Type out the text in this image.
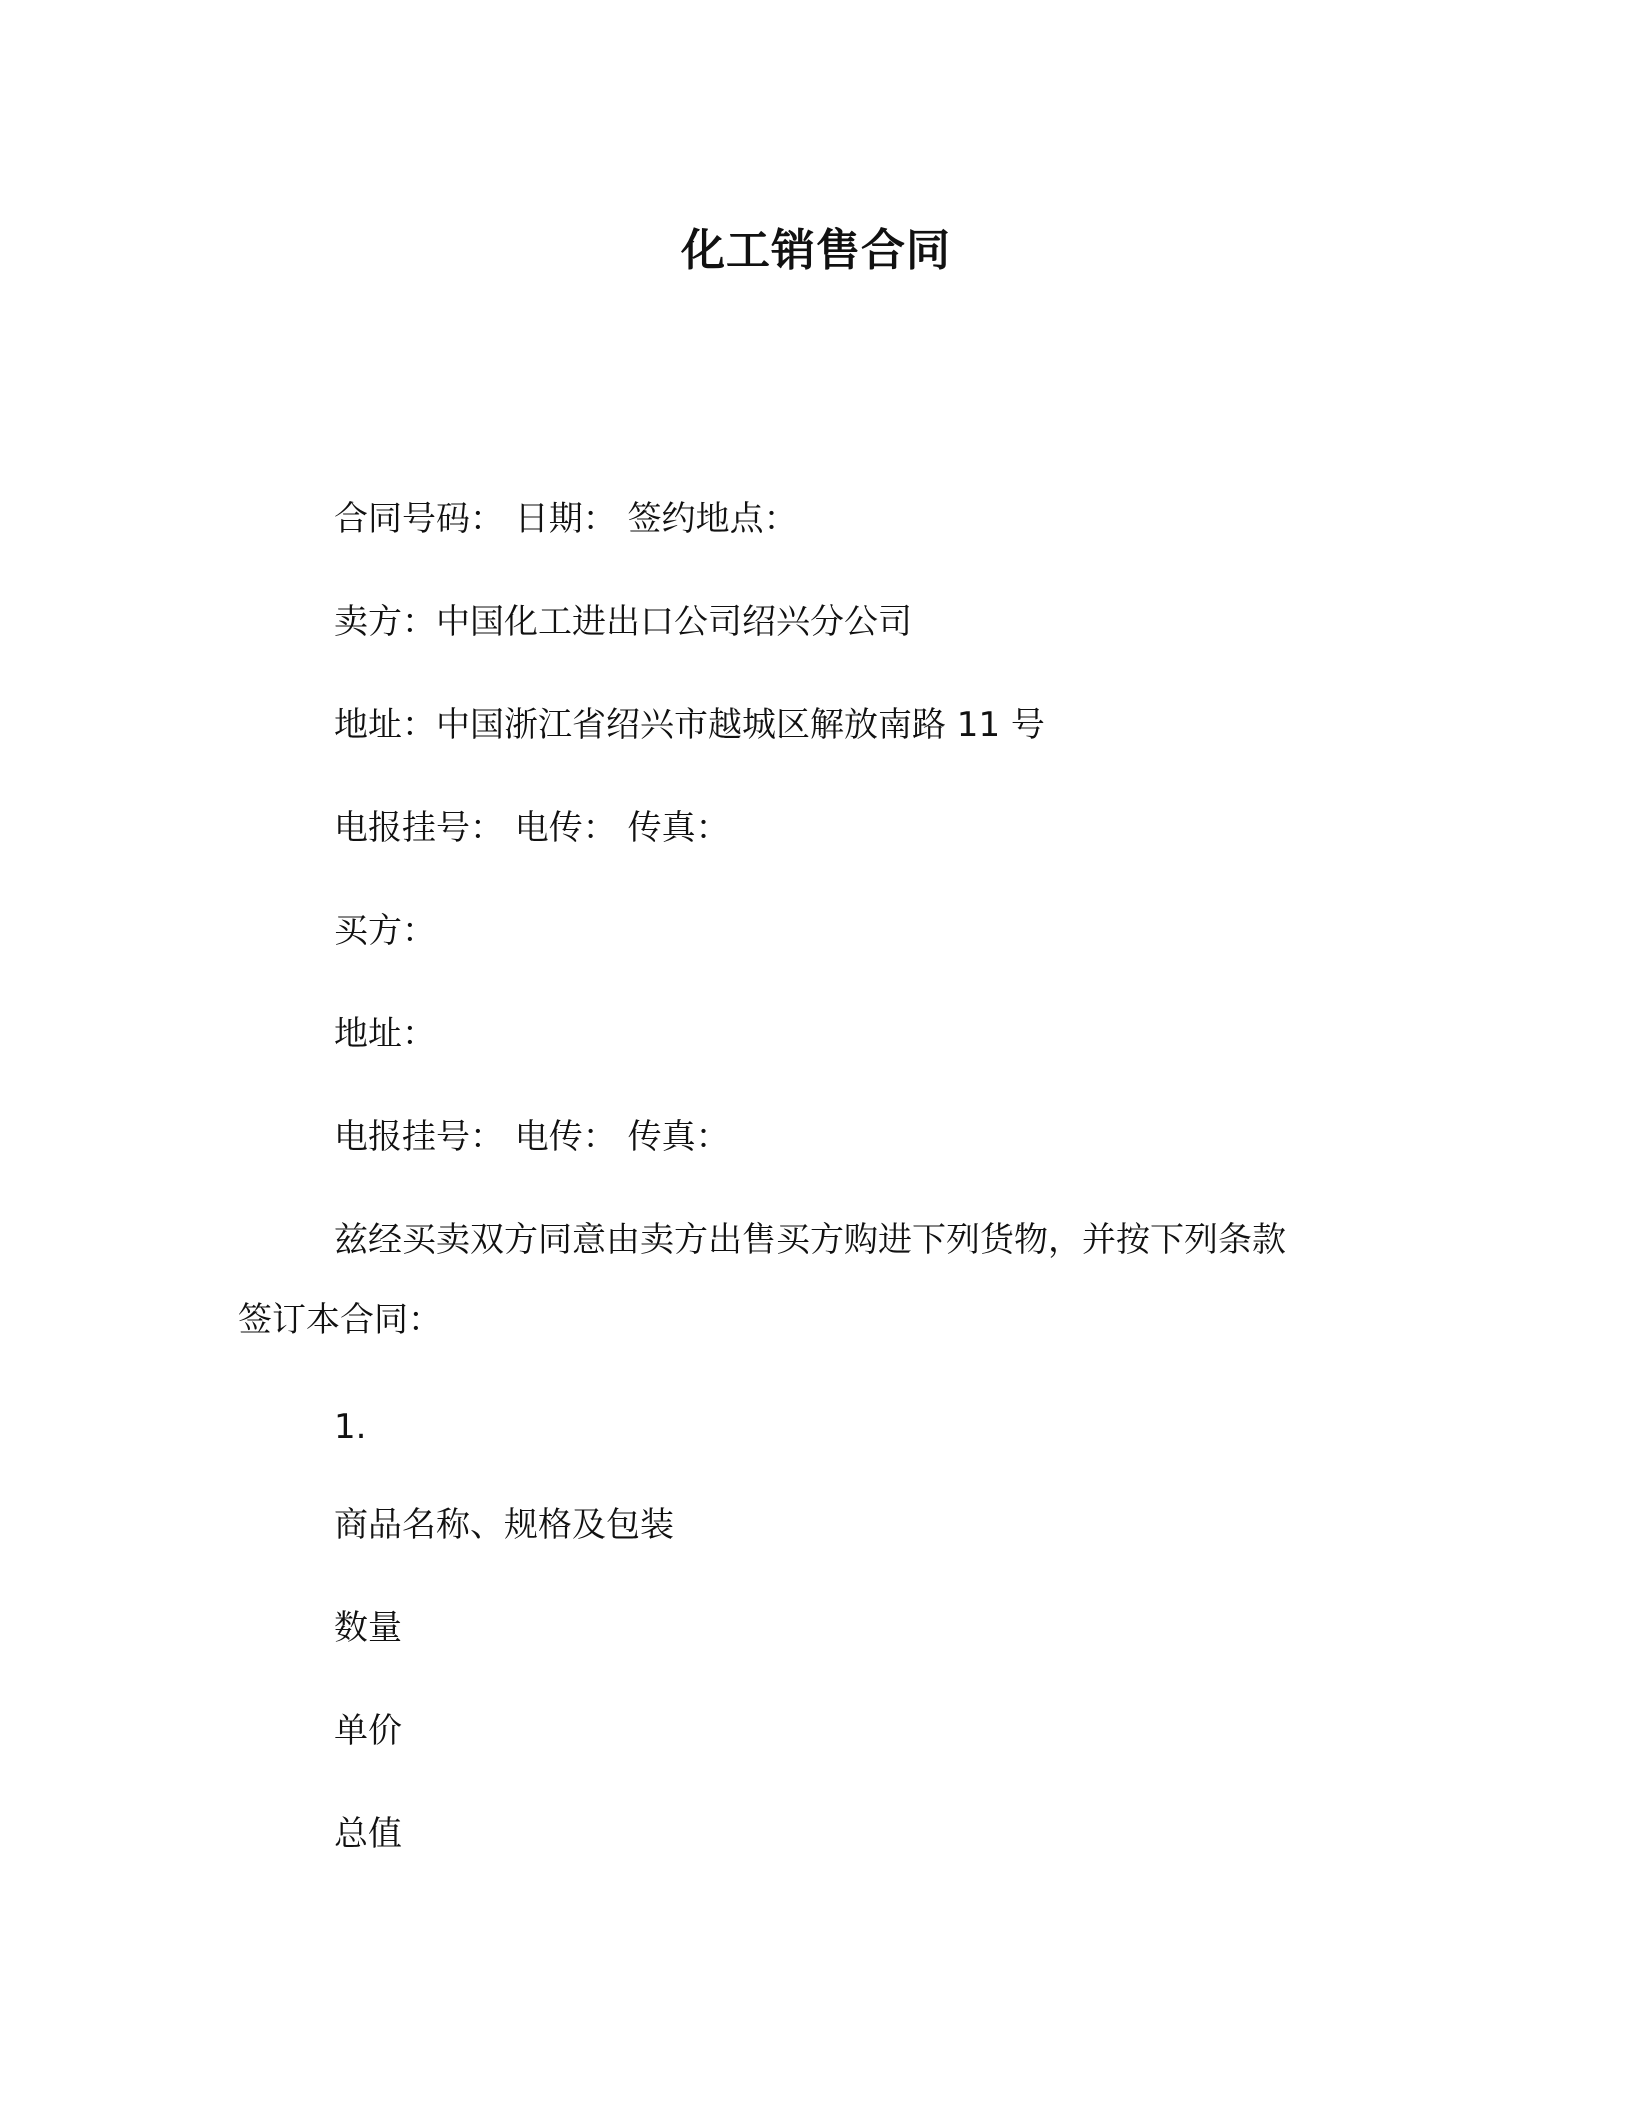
化工销售合同
合同号码： 日期： 签约地点：
卖方：中国化工进出口公司绍兴分公司
地址：中国浙江省绍兴市越城区解放南路 11 号
电报挂号： 电传： 传真：
买方：
地址：
电报挂号： 电传： 传真：
兹经买卖双方同意由卖方出售买方购进下列货物，并按下列条款
签订本合同：
1.
商品名称、规格及包装
数量
单价
总值
